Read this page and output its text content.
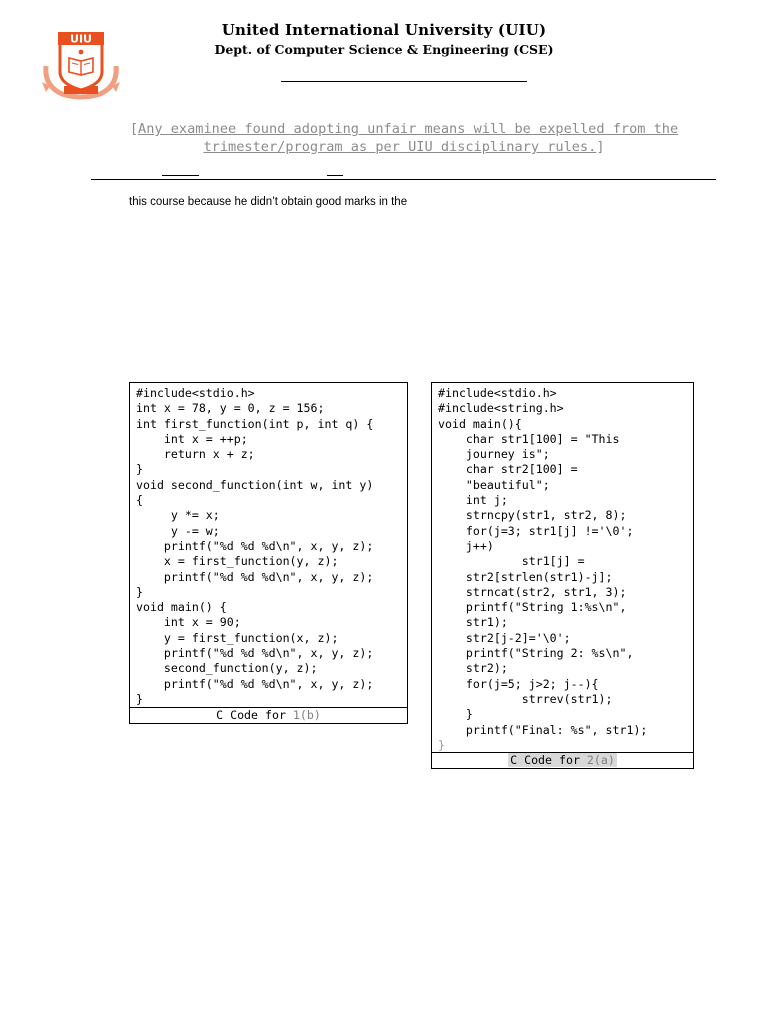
UIU	United International University (UIU)
Dept. of Computer Science & Engineering (CSE)
[Any examinee found adopting unfair means will be expelled from the trimester/program as per UIU disciplinary rules.]
this course because he didn’t obtain good marks in the
#include<stdio.h>
int x = 78, y = 0, z = 156;
int first_function(int p, int q) {
int x = ++p;
return x + z;
}
void second_function(int w, int y)
{
y *= x;
y -= w;
printf("%d %d %d\n", x, y, z);
x = first_function(y, z);
printf("%d %d %d\n", x, y, z);
}
void main() {
int x = 90;
y = first_function(x, z);
printf("%d %d %d\n", x, y, z);
second_function(y, z);
printf("%d %d %d\n", x, y, z);
}

C Code for 1(b)
#include<stdio.h>
#include<string.h>
void main(){
char str1[100] = "This
journey is";
char str2[100] =
"beautiful";
int j;
strncpy(str1, str2, 8);
for(j=3; str1[j] !='\0';
j++)
str1[j] =
str2[strlen(str1)-j];
strncat(str2, str1, 3);
printf("String 1:%s\n",
str1);
str2[j-2]='\0';
printf("String 2: %s\n",
str2);
for(j=5; j>2; j--){
strrev(str1);
}
printf("Final: %s", str1);
}
C Code for 2(a)
